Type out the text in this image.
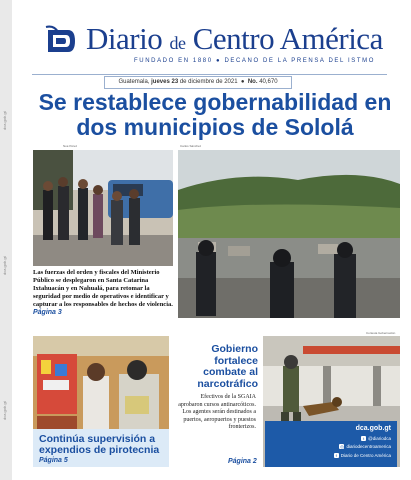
dca.gob.gt
dca.gob.gt
dca.gob.gt
Diario de Centro América
FUNDADO EN 1880 ● DECANO DE LA PRENSA DEL ISTMO
Guatemala, jueves 23 de diciembre de 2021  ●  No. 40,670
Se restablece gobernabilidad en dos municipios de Sololá
Noé Pérez	Carlos Sánchez
Las fuerzas del orden y fiscales del Ministerio Público se desplegaron en Santa Catarina Ixtahuacán y en Nahualá, para retomar la seguridad por medio de operativos e identificar y capturar a los responsables de hechos de violencia.
Página 3
Continúa supervisión a expendios de pirotecnia
Página 5
Cortesía Gobernación
Gobierno fortalece combate al narcotráfico
Efectivos de la SGAIA aprobaron cursos antinarcóticos. Los agentes serán destinados a puertos, aeropuertos y puestos fronterizos.
Página 2
dca.gob.gt
t @diariodca
◎ diariodecentroamerica
f Diario de Centro América
